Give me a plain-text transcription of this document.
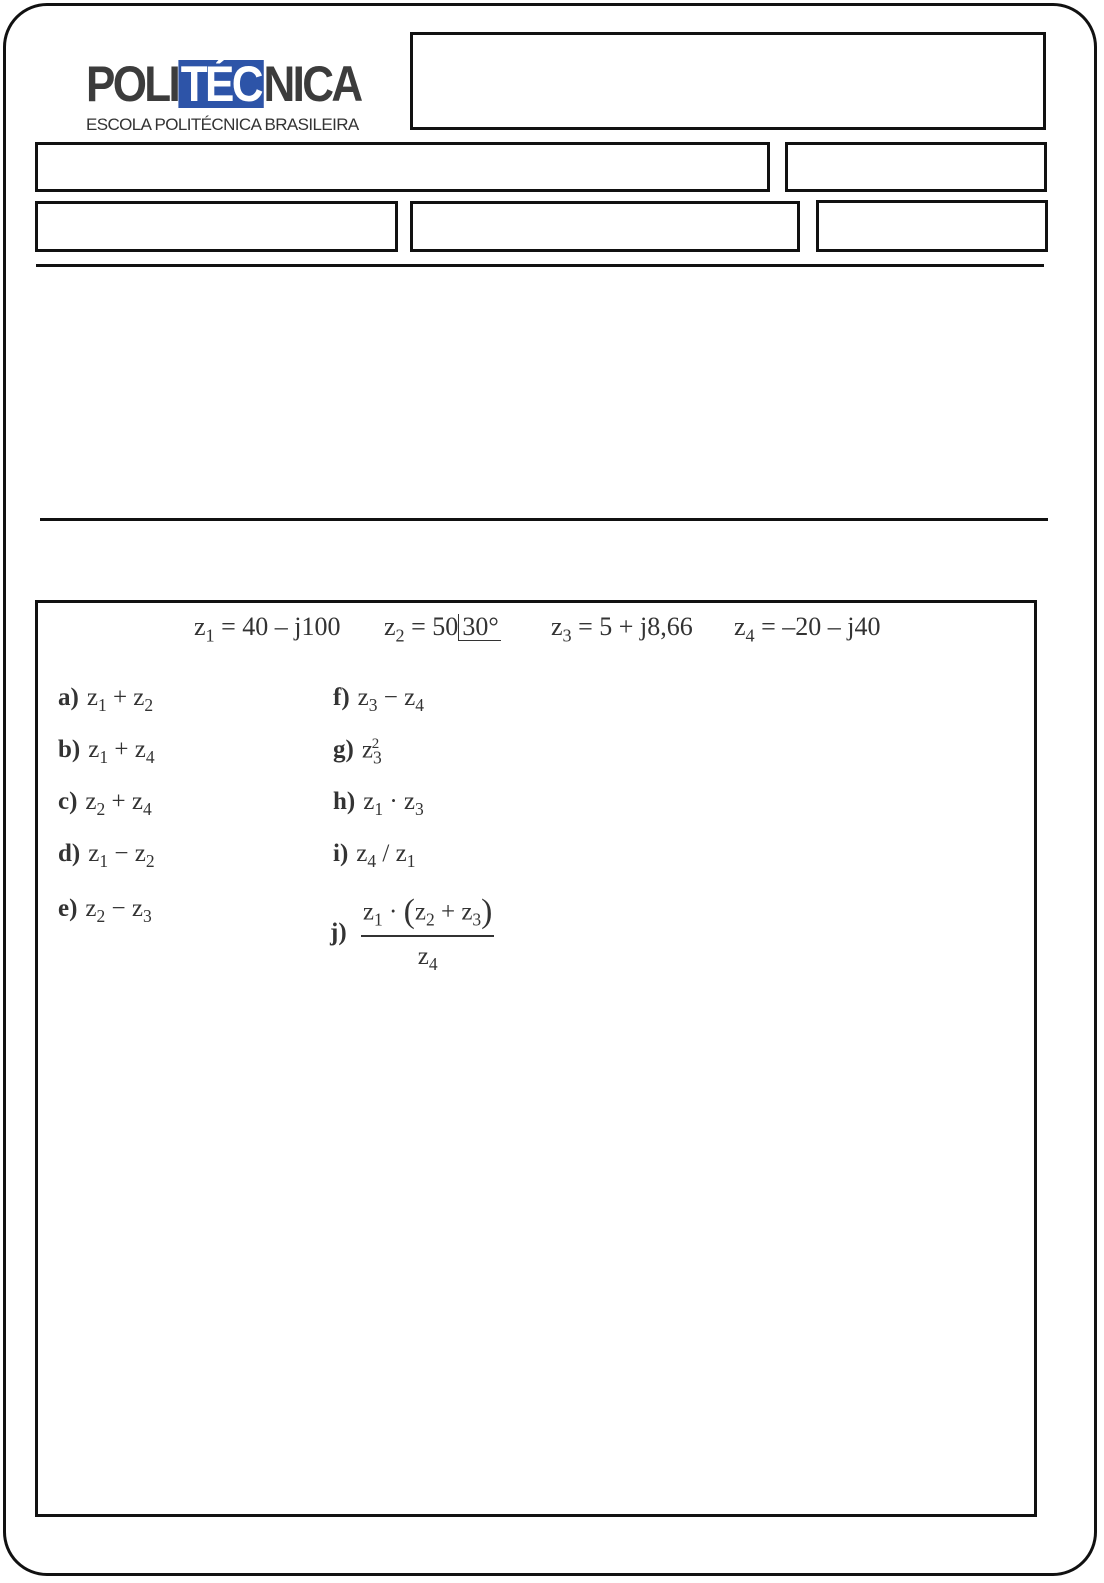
POLI TÉC NICA
ESCOLA POLITÉCNICA BRASILEIRA
$z_1 = 40 - j100$ $z_2 = 50$ 30° $z_3 = 5 + j8,66$ $z_4 = -20 - j40$
a) $z_1 + z_2$
b) $z_1 + z_4$
c) $z_2 + z_4$
d) $z_1 - z_2$
e) $z_2 - z_3$
f) $z_3 - z_4$
g) $z_3^2$
h) $z_1 \cdot z_3$
i) $z_4 / z_1$
$j) \frac{z_1 \cdot (z_2 + z_3)}{z_4}$
